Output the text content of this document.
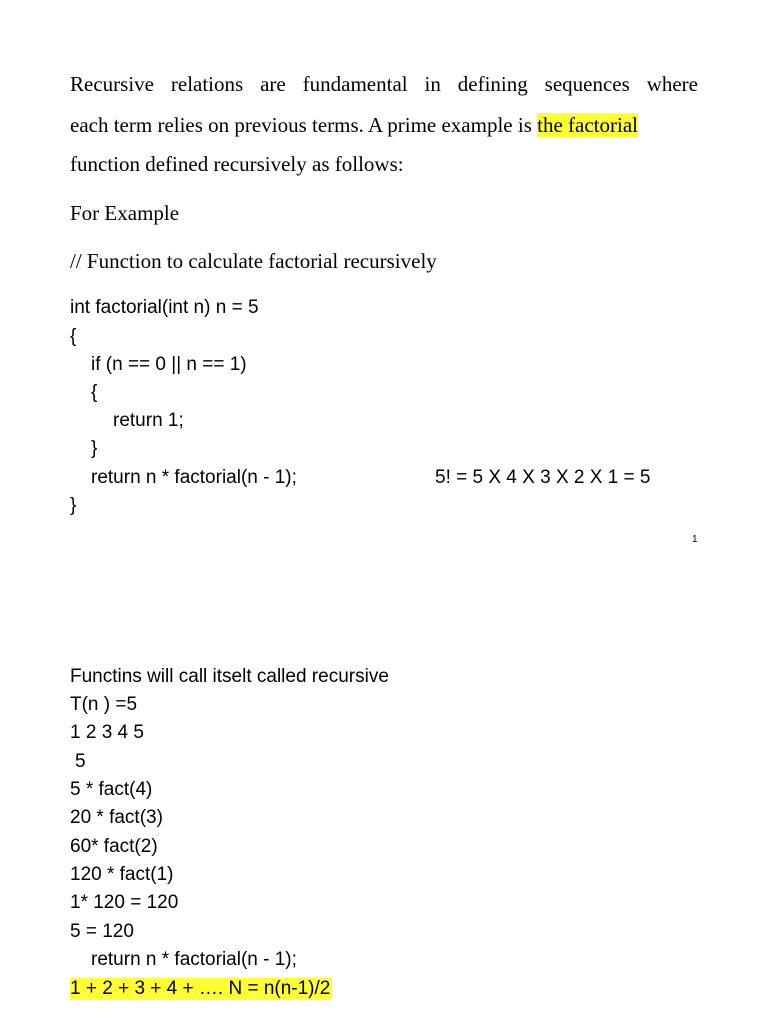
Recursive relations are fundamental in defining sequences where
each term relies on previous terms. A prime example is the factorial
function defined recursively as follows:
For Example
// Function to calculate factorial recursively
int factorial(int n) n = 5
{
if (n == 0 || n == 1)
{
return 1;
}
return n * factorial(n - 1);	5! = 5 X 4 X 3 X 2 X 1 = 5
}
1
Functins will call itselt called recursive
T(n ) =5
1 2 3 4 5
5
5 * fact(4)
20 * fact(3)
60* fact(2)
120 * fact(1)
1* 120 = 120
5 = 120
return n * factorial(n - 1);
1 + 2 + 3 + 4 + …. N = n(n-1)/2
